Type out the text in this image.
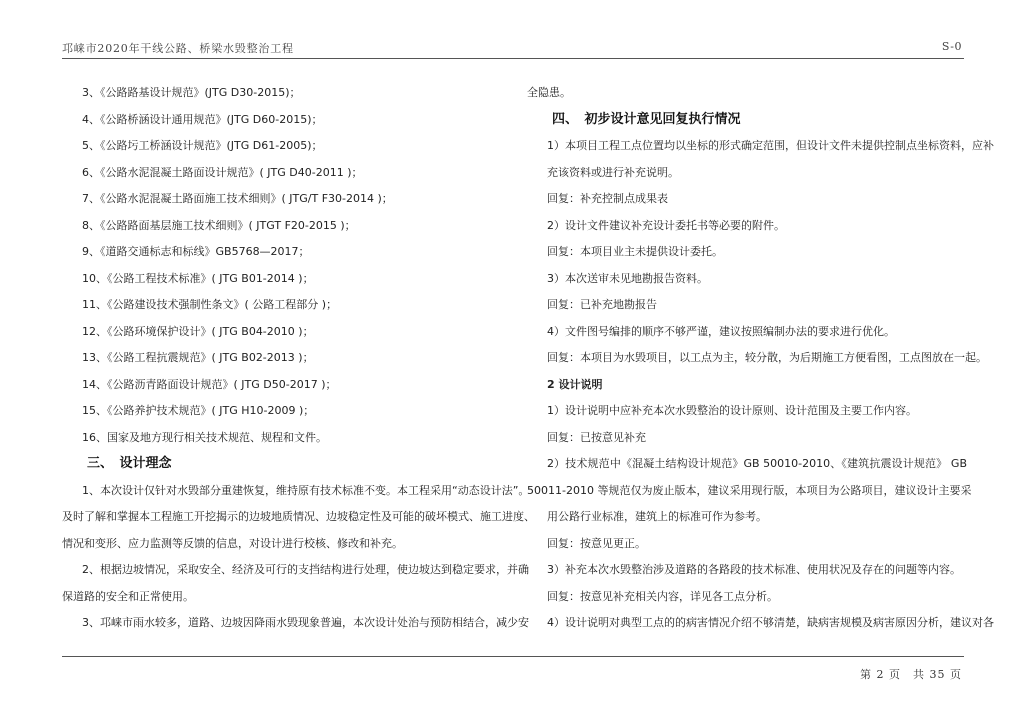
邛崃市2020年干线公路、桥梁水毁整治工程	S-0
3、《公路路基设计规范》(JTG D30-2015)；
4、《公路桥涵设计通用规范》(JTG D60-2015)；
5、《公路圬工桥涵设计规范》(JTG D61-2005)；
6、《公路水泥混凝土路面设计规范》( JTG D40-2011 )；
7、《公路水泥混凝土路面施工技术细则》( JTG/T F30-2014 )；
8、《公路路面基层施工技术细则》( JTGT F20-2015 )；
9、《道路交通标志和标线》GB5768—2017；
10、《公路工程技术标准》( JTG B01-2014 )；
11、《公路建设技术强制性条文》( 公路工程部分 )；
12、《公路环境保护设计》( JTG B04-2010 )；
13、《公路工程抗震规范》( JTG B02-2013 )；
14、《公路沥青路面设计规范》( JTG D50-2017 )；
15、《公路养护技术规范》( JTG H10-2009 )；
16、国家及地方现行相关技术规范、规程和文件。
三、　设计理念
1、本次设计仅针对水毁部分重建恢复，维持原有技术标准不变。本工程采用“动态设计法”。
及时了解和掌握本工程施工开挖揭示的边坡地质情况、边坡稳定性及可能的破坏模式、施工进度、
情况和变形、应力监测等反馈的信息，对设计进行校核、修改和补充。
2、根据边坡情况，采取安全、经济及可行的支挡结构进行处理，使边坡达到稳定要求，并确
保道路的安全和正常使用。
3、邛崃市雨水较多，道路、边坡因降雨水毁现象普遍，本次设计处治与预防相结合，减少安
全隐患。
四、　初步设计意见回复执行情况
1）本项目工程工点位置均以坐标的形式确定范围，但设计文件未提供控制点坐标资料，应补
充该资料或进行补充说明。
回复：补充控制点成果表
2）设计文件建议补充设计委托书等必要的附件。
回复：本项目业主未提供设计委托。
3）本次送审未见地勘报告资料。
回复：已补充地勘报告
4）文件图号编排的顺序不够严谨，建议按照编制办法的要求进行优化。
回复：本项目为水毁项目，以工点为主，较分散，为后期施工方便看图，工点图放在一起。
2 设计说明
1）设计说明中应补充本次水毁整治的设计原则、设计范围及主要工作内容。
回复：已按意见补充
2）技术规范中《混凝土结构设计规范》GB 50010-2010、《建筑抗震设计规范》 GB
50011-2010 等规范仅为废止版本，建议采用现行版，本项目为公路项目，建议设计主要采
用公路行业标准，建筑上的标准可作为参考。
回复：按意见更正。
3）补充本次水毁整治涉及道路的各路段的技术标准、使用状况及存在的问题等内容。
回复：按意见补充相关内容，详见各工点分析。
4）设计说明对典型工点的的病害情况介绍不够清楚，缺病害规模及病害原因分析，建议对各
第 2 页　共 35 页
